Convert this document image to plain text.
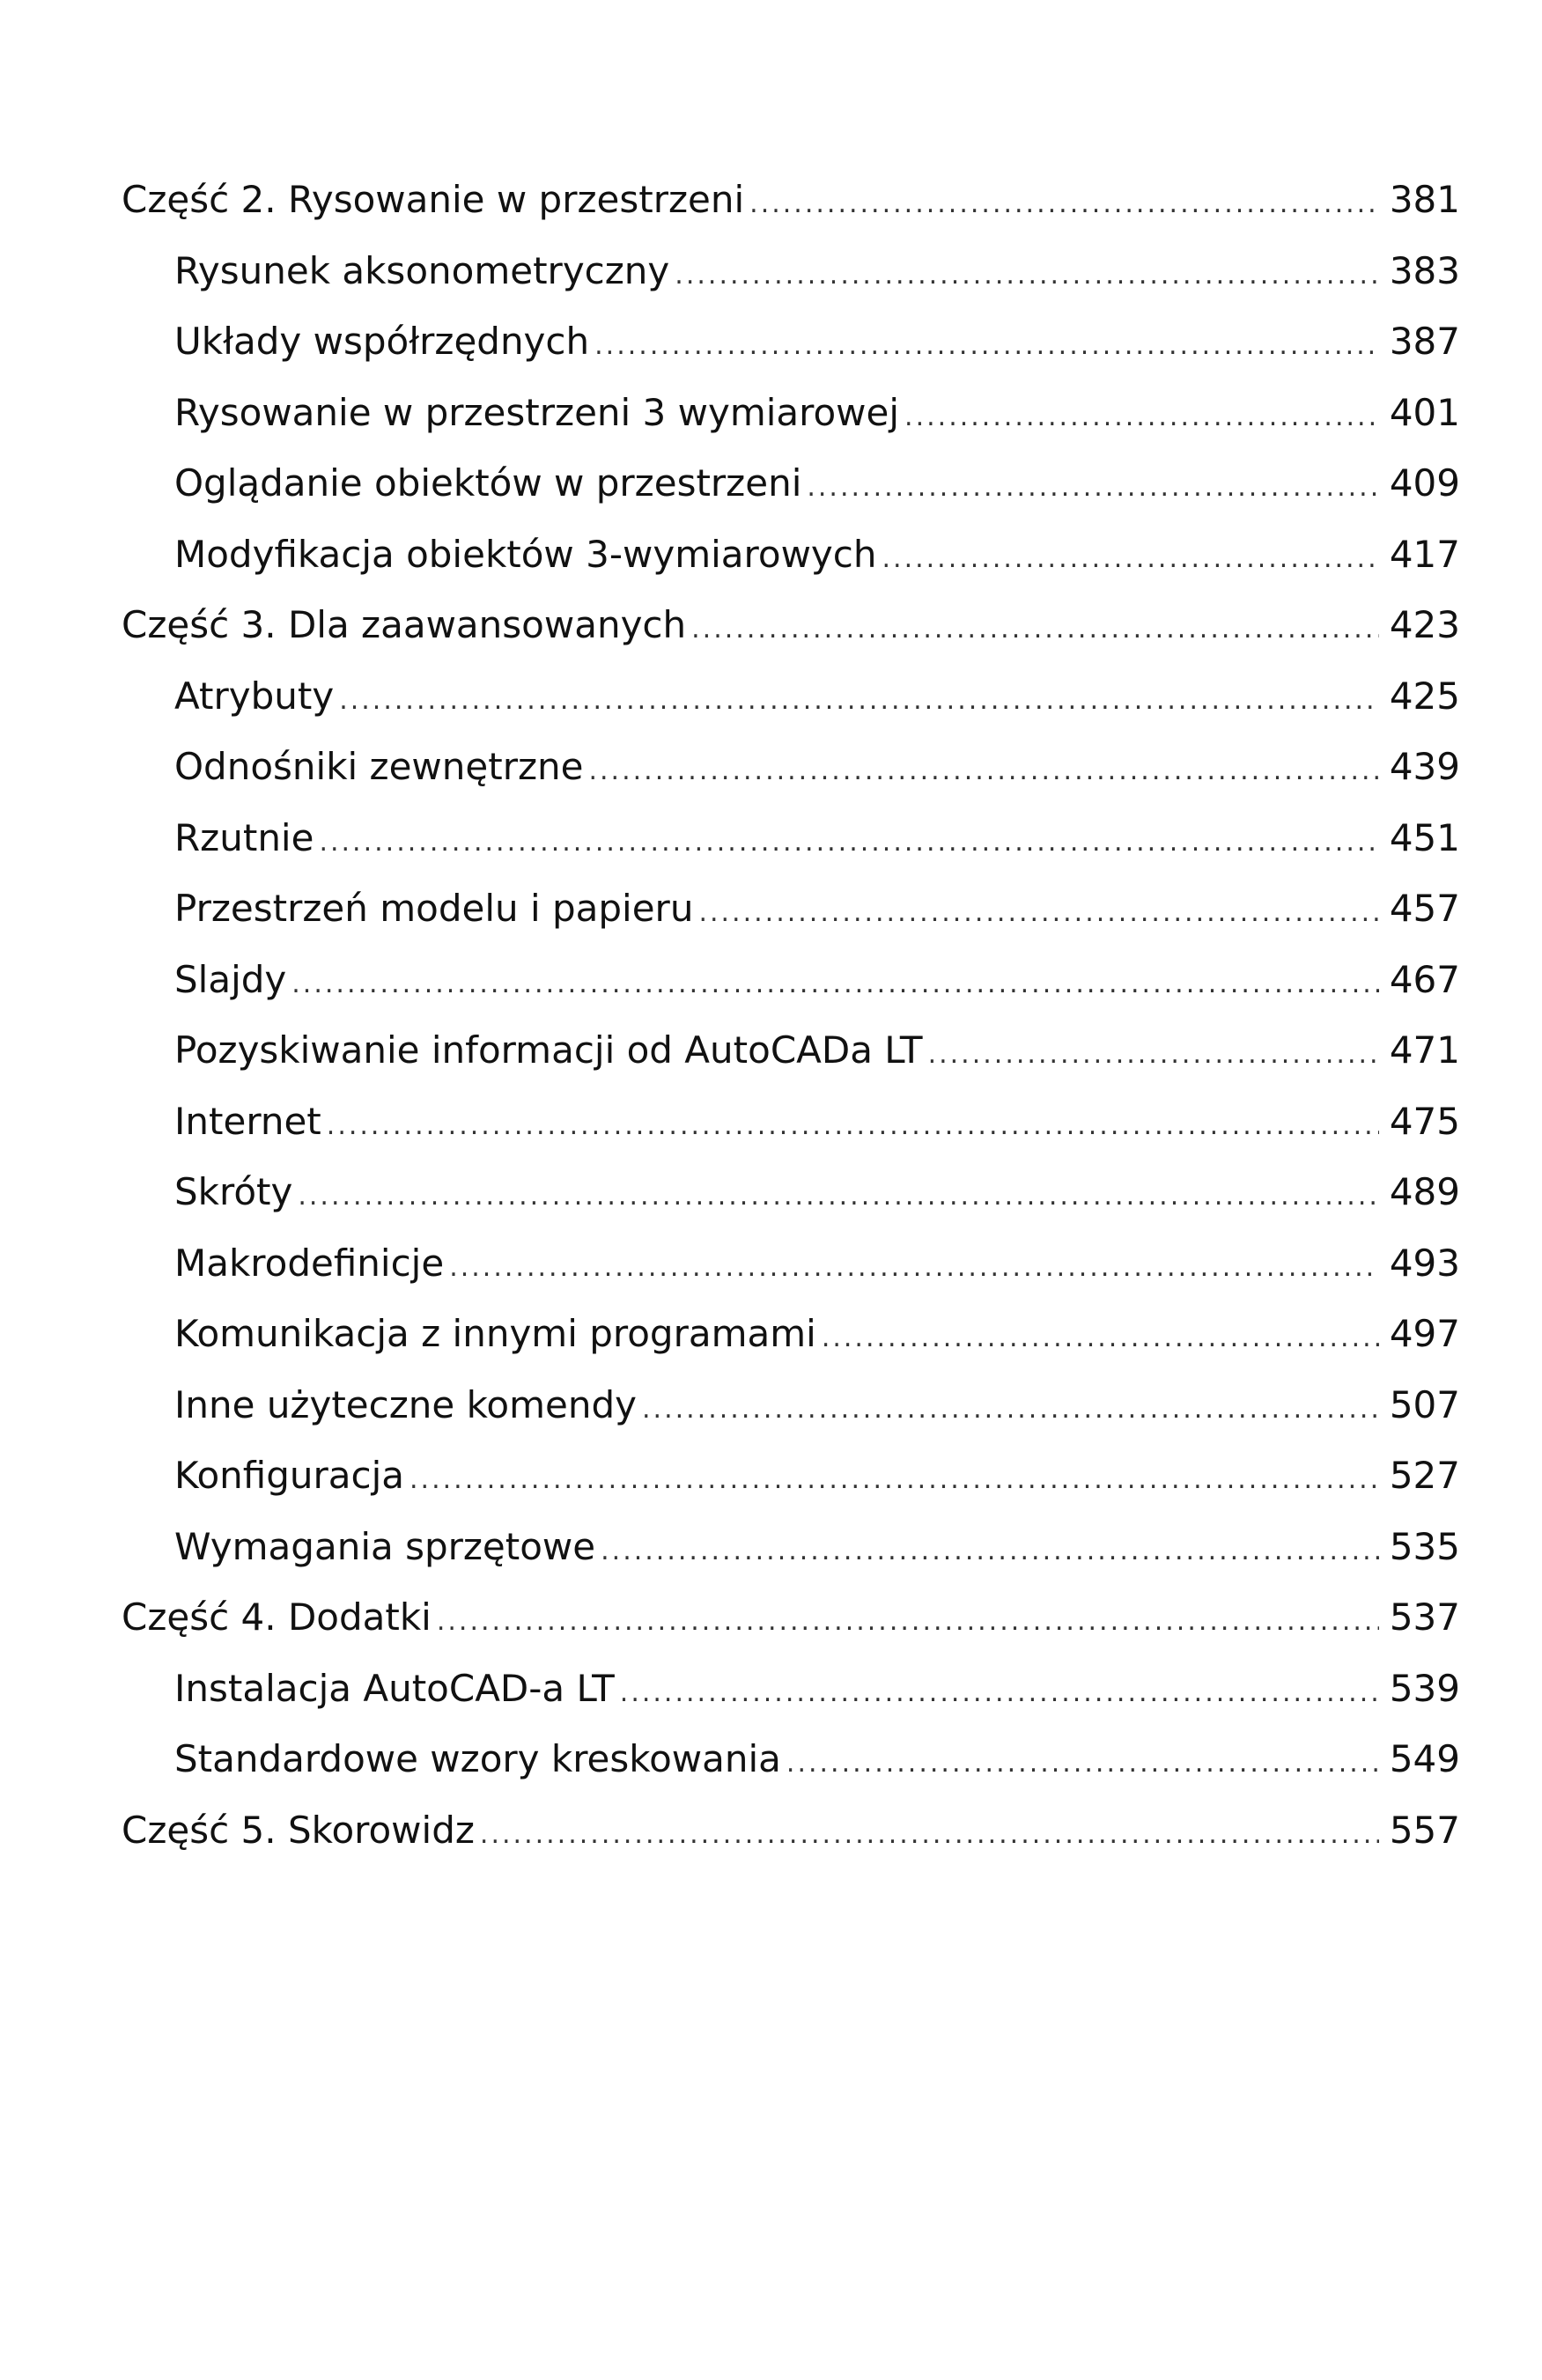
Część 2. Rysowanie w przestrzeni .....	381
Rysunek aksonometryczny .....	383
Układy współrzędnych .....	387
Rysowanie w przestrzeni 3 wymiarowej .....	401
Oglądanie obiektów w przestrzeni .....	409
Modyfikacja obiektów 3-wymiarowych .....	417
Część 3. Dla zaawansowanych .....	423
Atrybuty .....	425
Odnośniki zewnętrzne .....	439
Rzutnie .....	451
Przestrzeń modelu i papieru .....	457
Slajdy .....	467
Pozyskiwanie informacji od AutoCADa LT .....	471
Internet .....	475
Skróty .....	489
Makrodefinicje .....	493
Komunikacja z innymi programami .....	497
Inne użyteczne komendy .....	507
Konfiguracja .....	527
Wymagania sprzętowe .....	535
Część 4. Dodatki .....	537
Instalacja AutoCAD-a LT .....	539
Standardowe wzory kreskowania .....	549
Część 5. Skorowidz .....	557
